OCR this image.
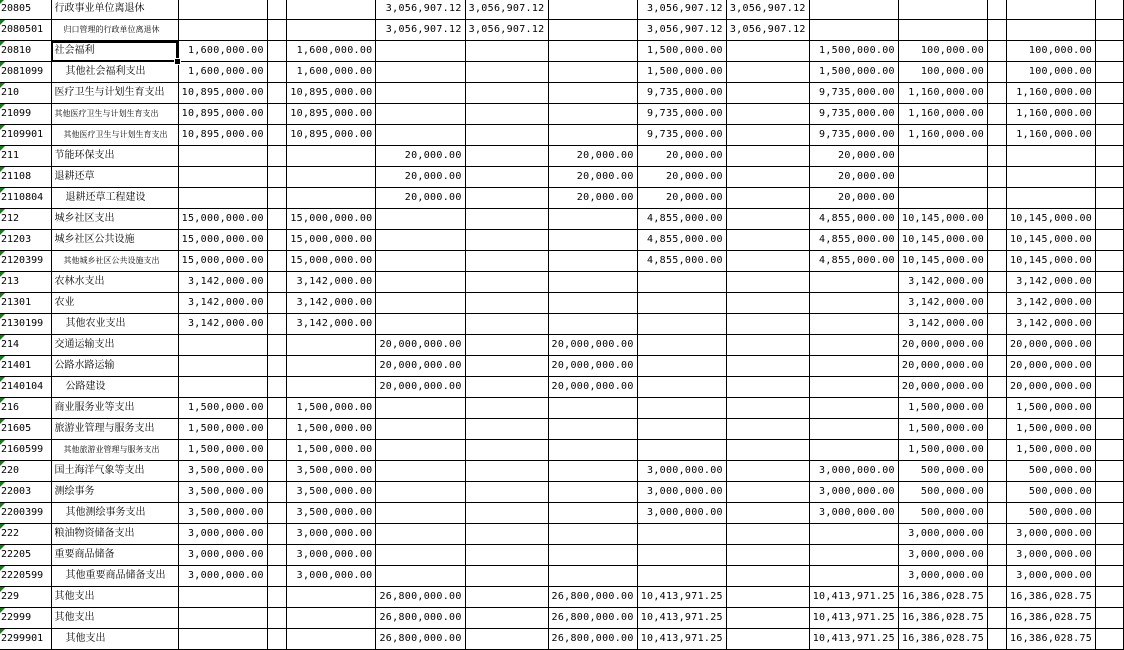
20805	行政事业单位离退休				3,056,907.12	3,056,907.12		3,056,907.12	3,056,907.12					
2080501	归口管理的行政单位离退休				3,056,907.12	3,056,907.12		3,056,907.12	3,056,907.12					
20810	社会福利	1,600,000.00		1,600,000.00				1,500,000.00		1,500,000.00	100,000.00		100,000.00	
2081099	其他社会福利支出	1,600,000.00		1,600,000.00				1,500,000.00		1,500,000.00	100,000.00		100,000.00	
210	医疗卫生与计划生育支出	10,895,000.00		10,895,000.00				9,735,000.00		9,735,000.00	1,160,000.00		1,160,000.00	
21099	其他医疗卫生与计划生育支出	10,895,000.00		10,895,000.00				9,735,000.00		9,735,000.00	1,160,000.00		1,160,000.00	
2109901	其他医疗卫生与计划生育支出	10,895,000.00		10,895,000.00				9,735,000.00		9,735,000.00	1,160,000.00		1,160,000.00	
211	节能环保支出				20,000.00		20,000.00	20,000.00		20,000.00				
21108	退耕还草				20,000.00		20,000.00	20,000.00		20,000.00				
2110804	退耕还草工程建设				20,000.00		20,000.00	20,000.00		20,000.00				
212	城乡社区支出	15,000,000.00		15,000,000.00				4,855,000.00		4,855,000.00	10,145,000.00		10,145,000.00	
21203	城乡社区公共设施	15,000,000.00		15,000,000.00				4,855,000.00		4,855,000.00	10,145,000.00		10,145,000.00	
2120399	其他城乡社区公共设施支出	15,000,000.00		15,000,000.00				4,855,000.00		4,855,000.00	10,145,000.00		10,145,000.00	
213	农林水支出	3,142,000.00		3,142,000.00							3,142,000.00		3,142,000.00	
21301	农业	3,142,000.00		3,142,000.00							3,142,000.00		3,142,000.00	
2130199	其他农业支出	3,142,000.00		3,142,000.00							3,142,000.00		3,142,000.00	
214	交通运输支出				20,000,000.00		20,000,000.00				20,000,000.00		20,000,000.00	
21401	公路水路运输				20,000,000.00		20,000,000.00				20,000,000.00		20,000,000.00	
2140104	公路建设				20,000,000.00		20,000,000.00				20,000,000.00		20,000,000.00	
216	商业服务业等支出	1,500,000.00		1,500,000.00							1,500,000.00		1,500,000.00	
21605	旅游业管理与服务支出	1,500,000.00		1,500,000.00							1,500,000.00		1,500,000.00	
2160599	其他旅游业管理与服务支出	1,500,000.00		1,500,000.00							1,500,000.00		1,500,000.00	
220	国土海洋气象等支出	3,500,000.00		3,500,000.00				3,000,000.00		3,000,000.00	500,000.00		500,000.00	
22003	测绘事务	3,500,000.00		3,500,000.00				3,000,000.00		3,000,000.00	500,000.00		500,000.00	
2200399	其他测绘事务支出	3,500,000.00		3,500,000.00				3,000,000.00		3,000,000.00	500,000.00		500,000.00	
222	粮油物资储备支出	3,000,000.00		3,000,000.00							3,000,000.00		3,000,000.00	
22205	重要商品储备	3,000,000.00		3,000,000.00							3,000,000.00		3,000,000.00	
2220599	其他重要商品储备支出	3,000,000.00		3,000,000.00							3,000,000.00		3,000,000.00	
229	其他支出				26,800,000.00		26,800,000.00	10,413,971.25		10,413,971.25	16,386,028.75		16,386,028.75	
22999	其他支出				26,800,000.00		26,800,000.00	10,413,971.25		10,413,971.25	16,386,028.75		16,386,028.75	
2299901	其他支出				26,800,000.00		26,800,000.00	10,413,971.25		10,413,971.25	16,386,028.75		16,386,028.75	
